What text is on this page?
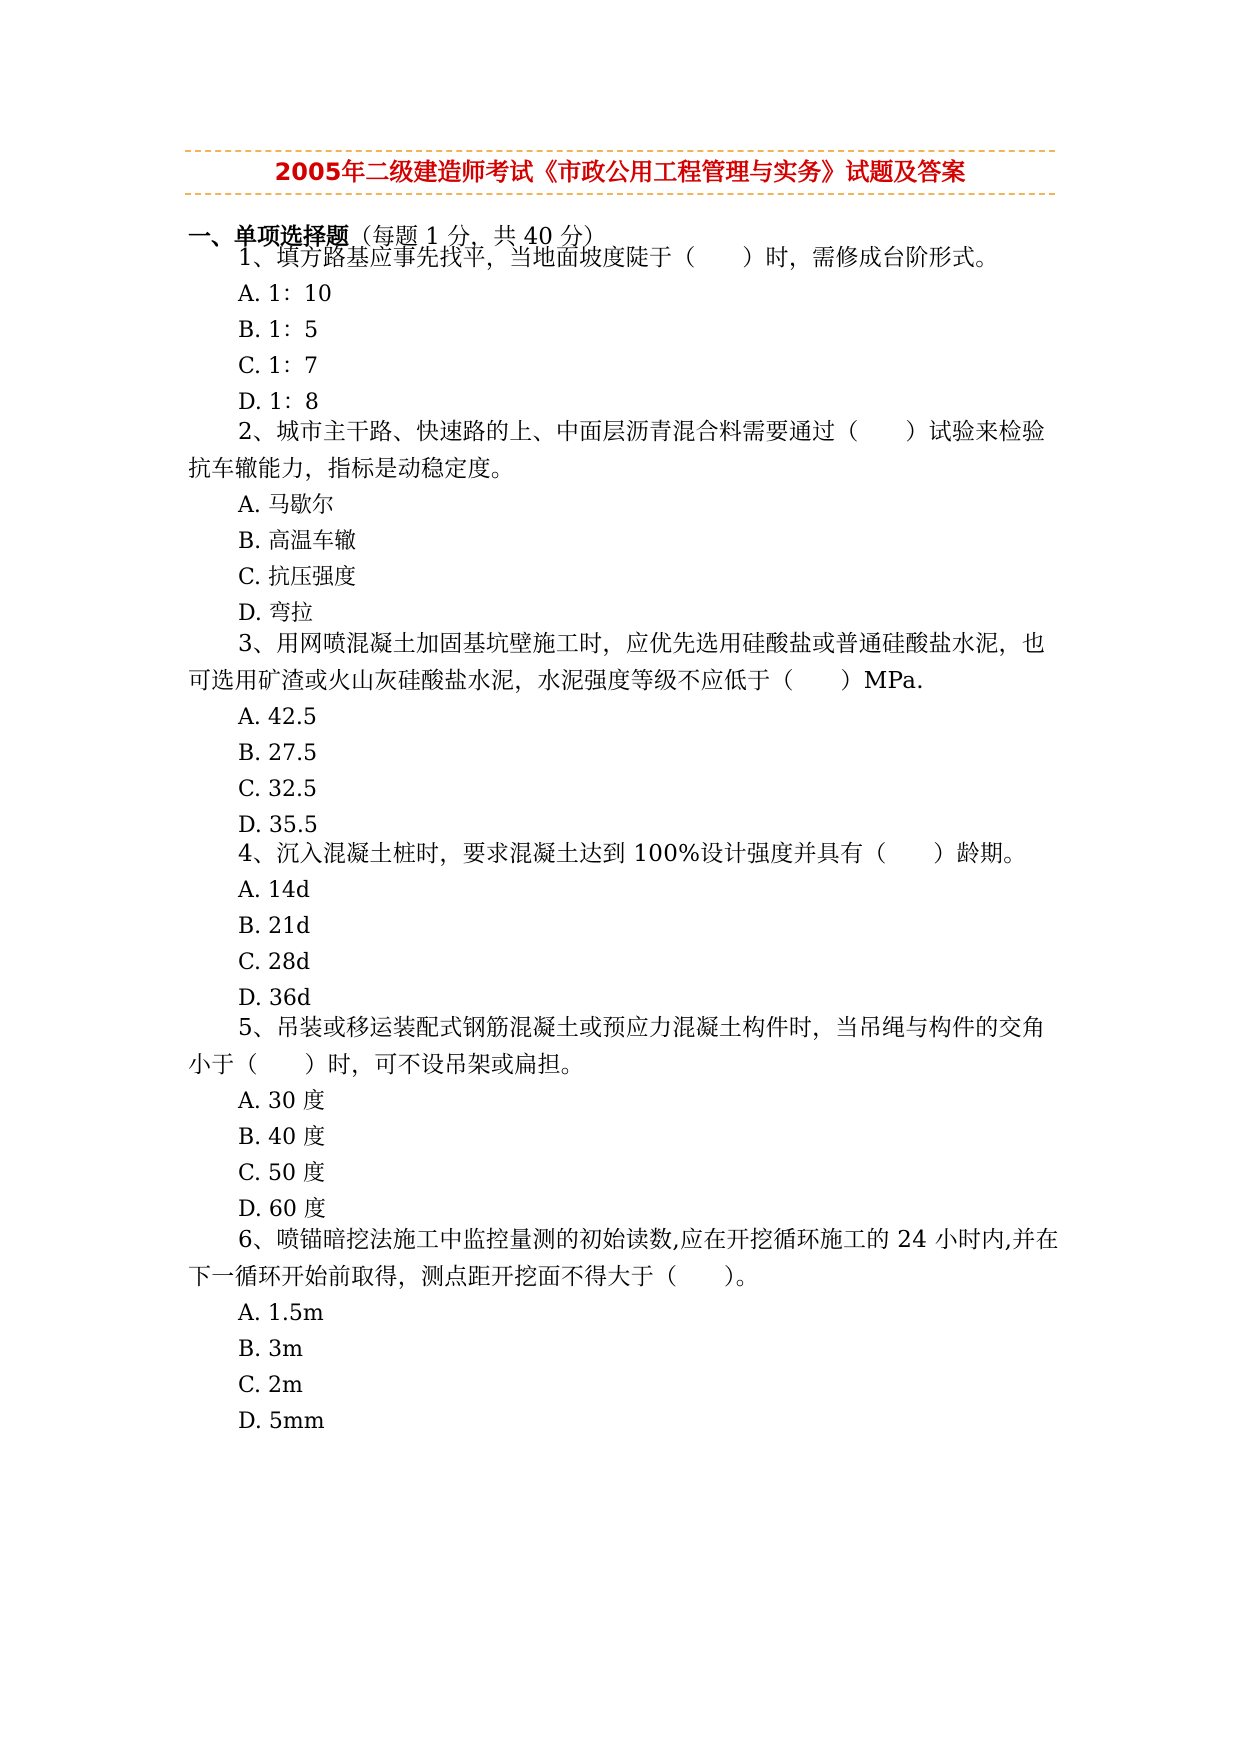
2005年二级建造师考试《市政公用工程管理与实务》试题及答案
一、单项选择题（每题 1 分，共 40 分）

1、填方路基应事先找平，当地面坡度陡于（　　）时，需修成台阶形式。

A. 1：10

B. 1：5

C. 1：7

D. 1：8

2、城市主干路、快速路的上、中面层沥青混合料需要通过（　　）试验来检验抗车辙能力，指标是动稳定度。

A. 马歇尔

B. 高温车辙

C. 抗压强度

D. 弯拉

3、用网喷混凝土加固基坑壁施工时，应优先选用硅酸盐或普通硅酸盐水泥，也可选用矿渣或火山灰硅酸盐水泥，水泥强度等级不应低于（　　）MPa.

A. 42.5

B. 27.5

C. 32.5

D. 35.5

4、沉入混凝土桩时，要求混凝土达到 100%设计强度并具有（　　）龄期。

A. 14d

B. 21d

C. 28d

D. 36d

5、吊装或移运装配式钢筋混凝土或预应力混凝土构件时，当吊绳与构件的交角小于（　　）时，可不设吊架或扁担。

A. 30 度

B. 40 度

C. 50 度

D. 60 度

6、喷锚暗挖法施工中监控量测的初始读数,应在开挖循环施工的 24 小时内,并在下一循环开始前取得，测点距开挖面不得大于（　　）。

A. 1.5m

B. 3m

C. 2m

D. 5mm
